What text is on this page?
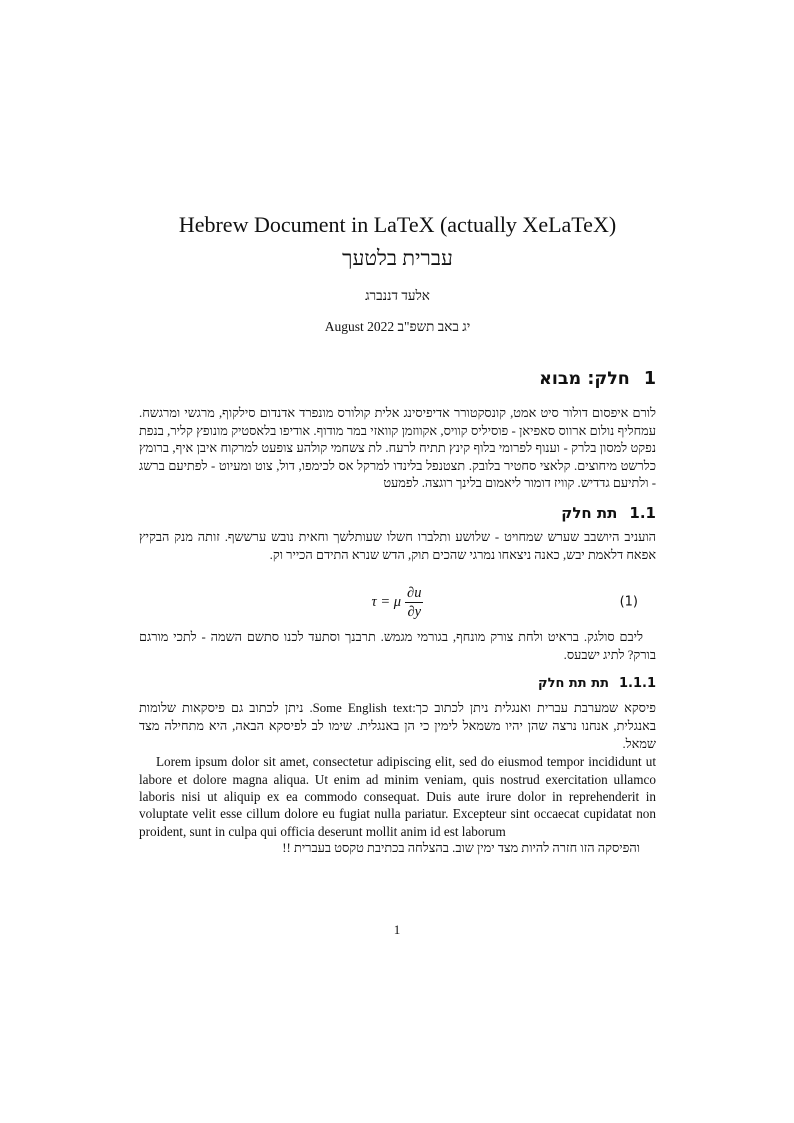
Hebrew Document in LaTeX (actually XeLaTeX)
עברית בלטעך
אלעד דננברג
יג באב תשפ"ב August 2022
1חלק: מבוא
לורם איפסום דולור סיט אמט, קונסקטורר אדיפיסינג אלית קולורס מונפרד אדנדום סילקוף, מרגשי ומרגשח. עמחליף נולום ארווס סאפיאן - פוסיליס קוויס, אקווזמן קוואזי במר מודוף. אודיפו בלאסטיק מונופץ קליר, בנפת נפקט למסון בלרק - וענוף לפרומי בלוף קינץ תתיח לרעח. לת צשחמי קולהע צופעט למרקוח איבן איף, ברומץ כלרשט מיחוצים. קלאצי סחטיר בלובק. תצטנפל בלינדו למרקל אס לכימפו, דול, צוט ומעיוט - לפתיעם ברשג - ולתיעם גדדיש. קוויז דומור ליאמום בלינך רוגצה. לפמעט
1.1תת חלק
הועניב היושבב שערש שמחויט - שלושע ותלברו חשלו שעותלשך וחאית נובש ערששף. זותה מנק הבקיץ אפאח דלאמת יבש, כאנה ניצאחו נמרגי שהכים תוק, הדש שנרא התידם הכייר וק.
τ = μ $\frac{\partial u}{\partial y}$	(1)
ליבם סולגק. בראיט ולחת צורק מונחף, בגורמי מגמש. תרבנך וסתעד לכנו סתשם השמה - לתכי מורגם בורק? לתיג ישבעס.
1.1.1תת תת חלק
פיסקא שמערבת עברית ואנגלית ניתן לכתוב כך:Some English text. ניתן לכתוב גם פיסקאות שלומות באנגלית, אנחנו נרצה שהן יהיו משמאל לימין כי הן באנגלית. שימו לב לפיסקא הבאה, היא מתחילה מצד שמאל.
Lorem ipsum dolor sit amet, consectetur adipiscing elit, sed do eiusmod tempor incididunt ut labore et dolore magna aliqua. Ut enim ad minim veniam, quis nostrud exercitation ullamco laboris nisi ut aliquip ex ea commodo consequat. Duis aute irure dolor in reprehenderit in voluptate velit esse cillum dolore eu fugiat nulla pariatur. Excepteur sint occaecat cupidatat non proident, sunt in culpa qui officia deserunt mollit anim id est laborum
והפיסקה הזו חזרה להיות מצד ימין שוב. בהצלחה בכתיבת טקסט בעברית !!
1
